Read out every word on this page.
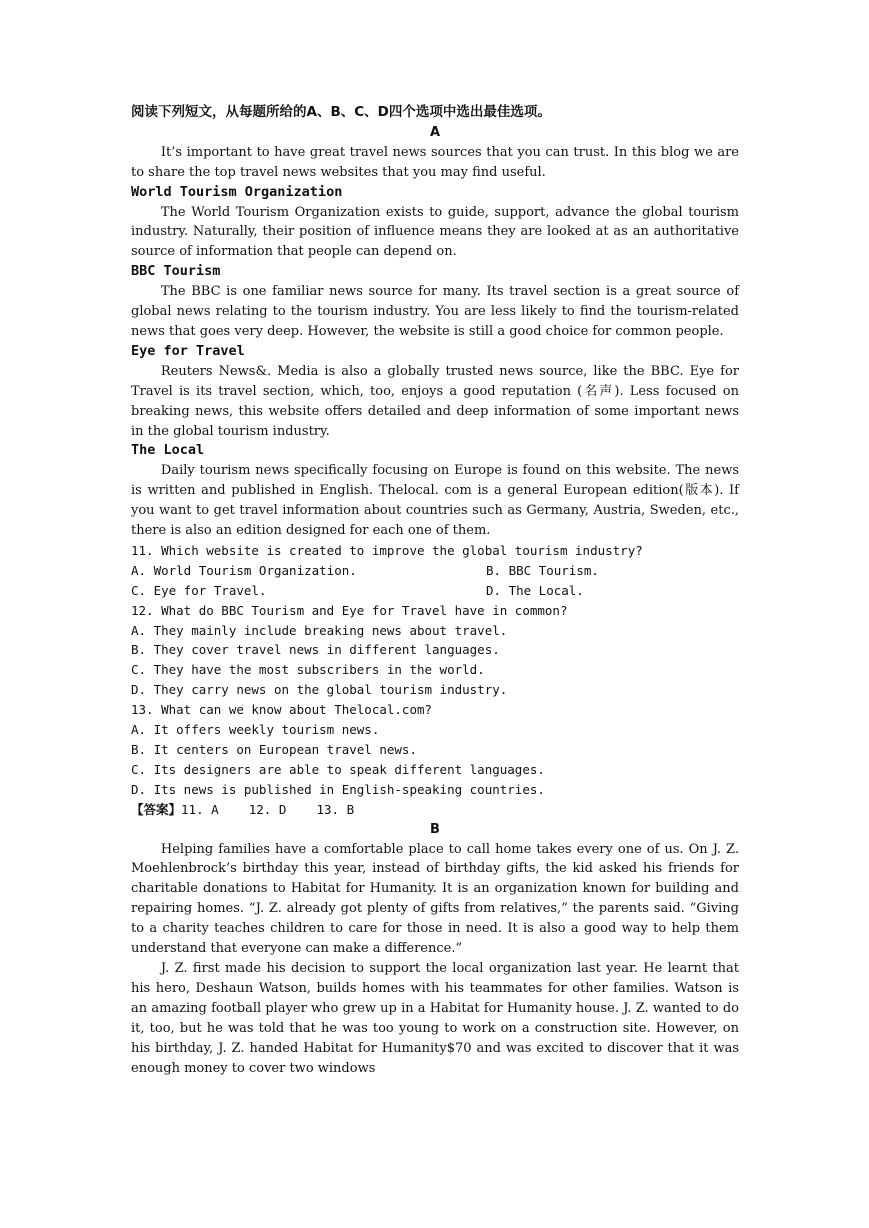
阅读下列短文，从每题所给的A、B、C、D四个选项中选出最佳选项。

A

It’s important to have great travel news sources that you can trust. In this blog we are to share the top travel news websites that you may find useful.

World Tourism Organization

The World Tourism Organization exists to guide, support, advance the global tourism industry. Naturally, their position of influence means they are looked at as an authoritative source of information that people can depend on.

BBC Tourism

The BBC is one familiar news source for many. Its travel section is a great source of global news relating to the tourism industry. You are less likely to find the tourism-related news that goes very deep. However, the website is still a good choice for common people.

Eye for Travel

Reuters News&. Media is also a globally trusted news source, like the BBC. Eye for Travel is its travel section, which, too, enjoys a good reputation (名声). Less focused on breaking news, this website offers detailed and deep information of some important news in the global tourism industry.

The Local

Daily tourism news specifically focusing on Europe is found on this website. The news is written and published in English. Thelocal. com is a general European edition(版本). If you want to get travel information about countries such as Germany, Austria, Sweden, etc., there is also an edition designed for each one of them.

11. Which website is created to improve the global tourism industry?

A. World Tourism Organization.	B. BBC Tourism.
C. Eye for Travel.	D. The Local.

12. What do BBC Tourism and Eye for Travel have in common?

A. They mainly include breaking news about travel.

B. They cover travel news in different languages.

C. They have the most subscribers in the world.

D. They carry news on the global tourism industry.

13. What can we know about Thelocal.com?

A. It offers weekly tourism news.

B. It centers on European travel news.

C. Its designers are able to speak different languages.

D. Its news is published in English-speaking countries.

【答案】11. A    12. D    13. B

B

Helping families have a comfortable place to call home takes every one of us. On J. Z. Moehlenbrock’s birthday this year, instead of birthday gifts, the kid asked his friends for charitable donations to Habitat for Humanity. It is an organization known for building and repairing homes. “J. Z. already got plenty of gifts from relatives,” the parents said. “Giving to a charity teaches children to care for those in need. It is also a good way to help them understand that everyone can make a difference.”

J. Z. first made his decision to support the local organization last year. He learnt that his hero, Deshaun Watson, builds homes with his teammates for other families. Watson is an amazing football player who grew up in a Habitat for Humanity house. J. Z. wanted to do it, too, but he was told that he was too young to work on a construction site. However, on his birthday, J. Z. handed Habitat for Humanity$70 and was excited to discover that it was enough money to cover two windows
